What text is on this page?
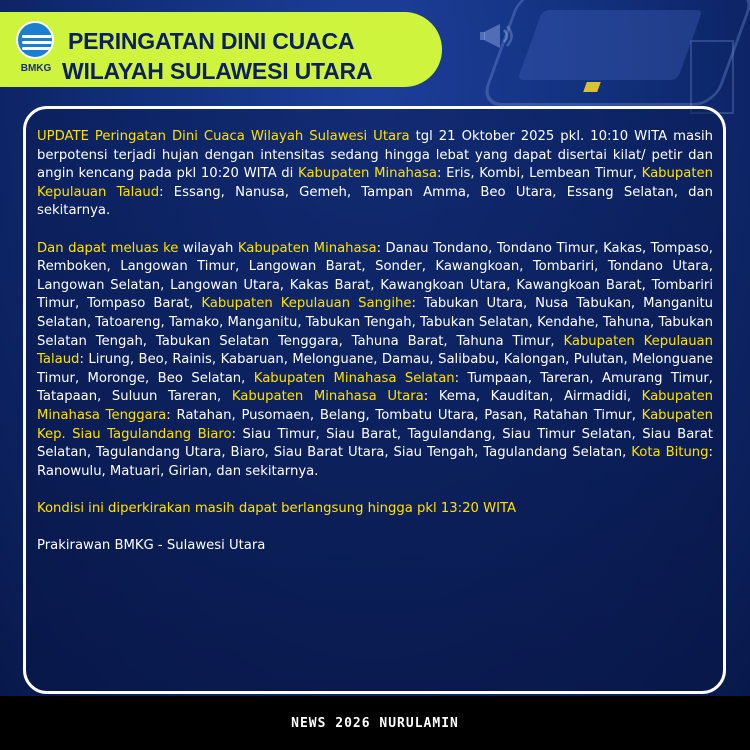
BMKG
PERINGATAN DINI CUACA
WILAYAH SULAWESI UTARA

UPDATE Peringatan Dini Cuaca Wilayah Sulawesi Utara tgl 21 Oktober 2025 pkl. 10:10 WITA masih berpotensi terjadi hujan dengan intensitas sedang hingga lebat yang dapat disertai kilat/ petir dan angin kencang pada pkl 10:20 WITA di Kabupaten Minahasa: Eris, Kombi, Lembean Timur, Kabupaten Kepulauan Talaud: Essang, Nanusa, Gemeh, Tampan Amma, Beo Utara, Essang Selatan, dan sekitarnya.

Dan dapat meluas ke wilayah Kabupaten Minahasa: Danau Tondano, Tondano Timur, Kakas, Tompaso, Remboken, Langowan Timur, Langowan Barat, Sonder, Kawangkoan, Tombariri, Tondano Utara, Langowan Selatan, Langowan Utara, Kakas Barat, Kawangkoan Utara, Kawangkoan Barat, Tombariri Timur, Tompaso Barat, Kabupaten Kepulauan Sangihe: Tabukan Utara, Nusa Tabukan, Manganitu Selatan, Tatoareng, Tamako, Manganitu, Tabukan Tengah, Tabukan Selatan, Kendahe, Tahuna, Tabukan Selatan Tengah, Tabukan Selatan Tenggara, Tahuna Barat, Tahuna Timur, Kabupaten Kepulauan Talaud: Lirung, Beo, Rainis, Kabaruan, Melonguane, Damau, Salibabu, Kalongan, Pulutan, Melonguane Timur, Moronge, Beo Selatan, Kabupaten Minahasa Selatan: Tumpaan, Tareran, Amurang Timur, Tatapaan, Suluun Tareran, Kabupaten Minahasa Utara: Kema, Kauditan, Airmadidi, Kabupaten Minahasa Tenggara: Ratahan, Pusomaen, Belang, Tombatu Utara, Pasan, Ratahan Timur, Kabupaten Kep. Siau Tagulandang Biaro: Siau Timur, Siau Barat, Tagulandang, Siau Timur Selatan, Siau Barat Selatan, Tagulandang Utara, Biaro, Siau Barat Utara, Siau Tengah, Tagulandang Selatan, Kota Bitung: Ranowulu, Matuari, Girian, dan sekitarnya.

Kondisi ini diperkirakan masih dapat berlangsung hingga pkl 13:20 WITA

Prakirawan BMKG - Sulawesi Utara

NEWS 2026 NURULAMIN
